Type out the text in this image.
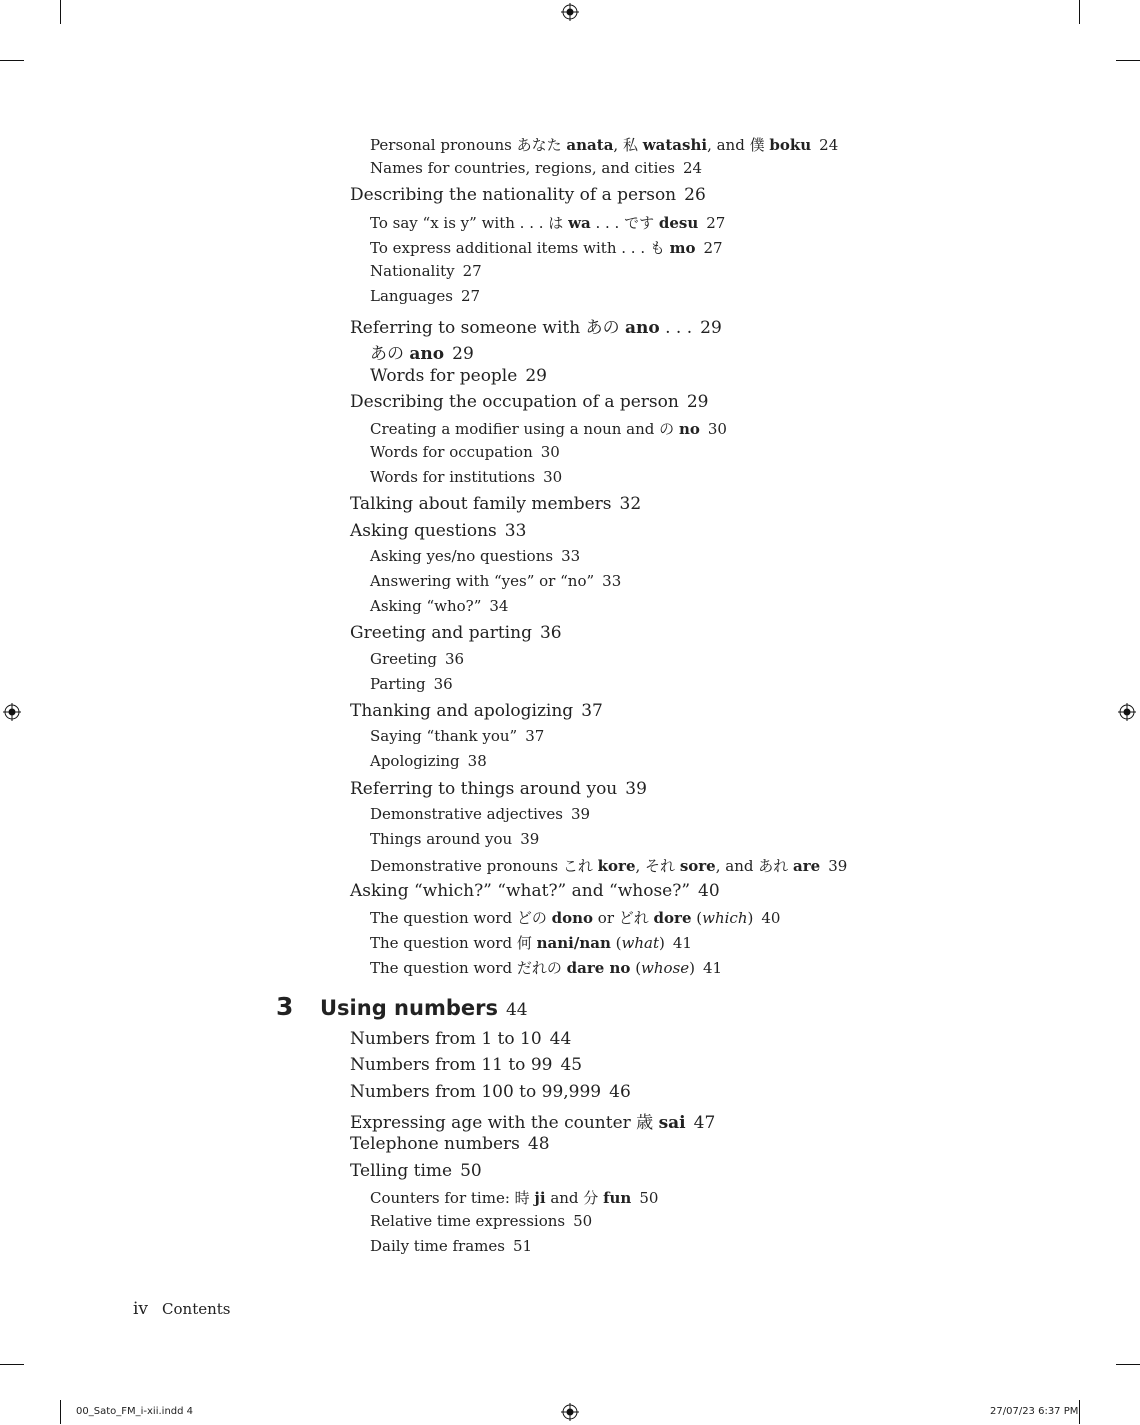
Personal pronouns あなた anata, 私 watashi, and 僕 boku 24
Names for countries, regions, and cities 24
Describing the nationality of a person 26
To say “x is y” with . . . は wa . . . です desu 27
To express additional items with . . . も mo 27
Nationality 27
Languages 27
Referring to someone with あの ano . . . 29
あの ano 29
Words for people 29
Describing the occupation of a person 29
Creating a modifier using a noun and の no 30
Words for occupation 30
Words for institutions 30
Talking about family members 32
Asking questions 33
Asking yes/no questions 33
Answering with “yes” or “no” 33
Asking “who?” 34
Greeting and parting 36
Greeting 36
Parting 36
Thanking and apologizing 37
Saying “thank you” 37
Apologizing 38
Referring to things around you 39
Demonstrative adjectives 39
Things around you 39
Demonstrative pronouns これ kore, それ sore, and あれ are 39
Asking “which?” “what?” and “whose?” 40
The question word どの dono or どれ dore (which) 40
The question word 何 nani/nan (what) 41
The question word だれの dare no (whose) 41
3 Using numbers 44
Numbers from 1 to 10 44
Numbers from 11 to 99 45
Numbers from 100 to 99,999 46
Expressing age with the counter 歳 sai 47
Telephone numbers 48
Telling time 50
Counters for time: 時 ji and 分 fun 50
Relative time expressions 50
Daily time frames 51
iv Contents
00_Sato_FM_i-xii.indd 4	27/07/23 6:37 PM
